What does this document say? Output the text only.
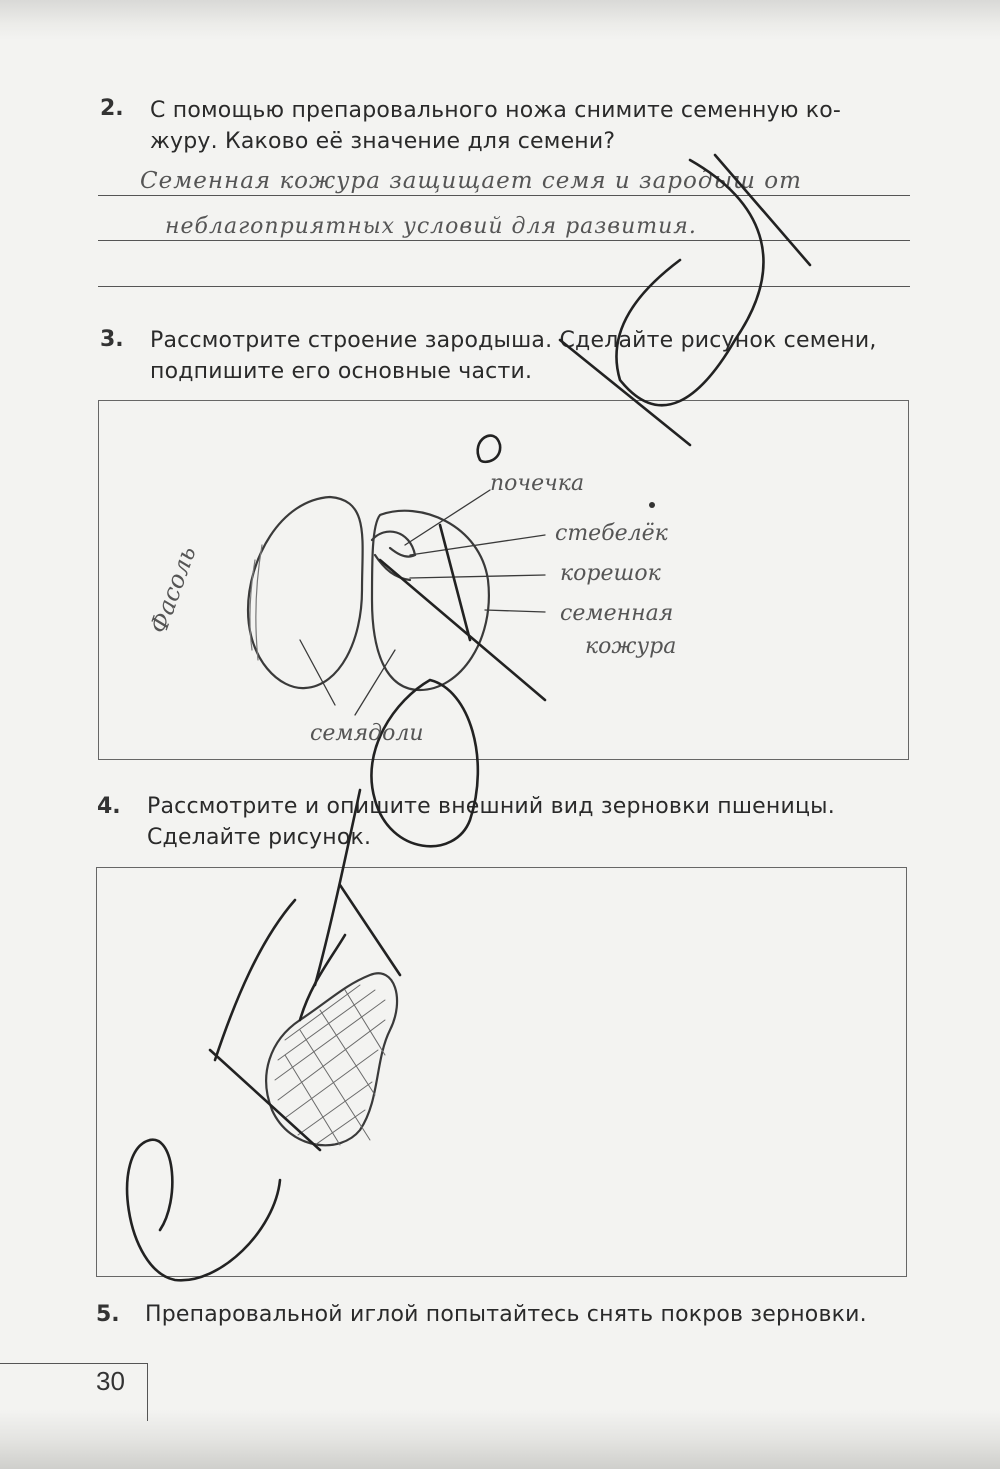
2. С помощью препаровального ножа снимите семенную ко-
журу. Каково её значение для семени?
Семенная кожура защищает семя и зародыш от
неблагоприятных условий для развития.
3. Рассмотрите строение зародыша. Сделайте рисунок семени,
подпишите его основные части.
4. Рассмотрите и опишите внешний вид зерновки пшеницы.
Сделайте рисунок.
5. Препаровальной иглой попытайтесь снять покров зерновки.
30
Фасоль
почечка
стебелёк
корешок
семенная
кожура
семядоли
